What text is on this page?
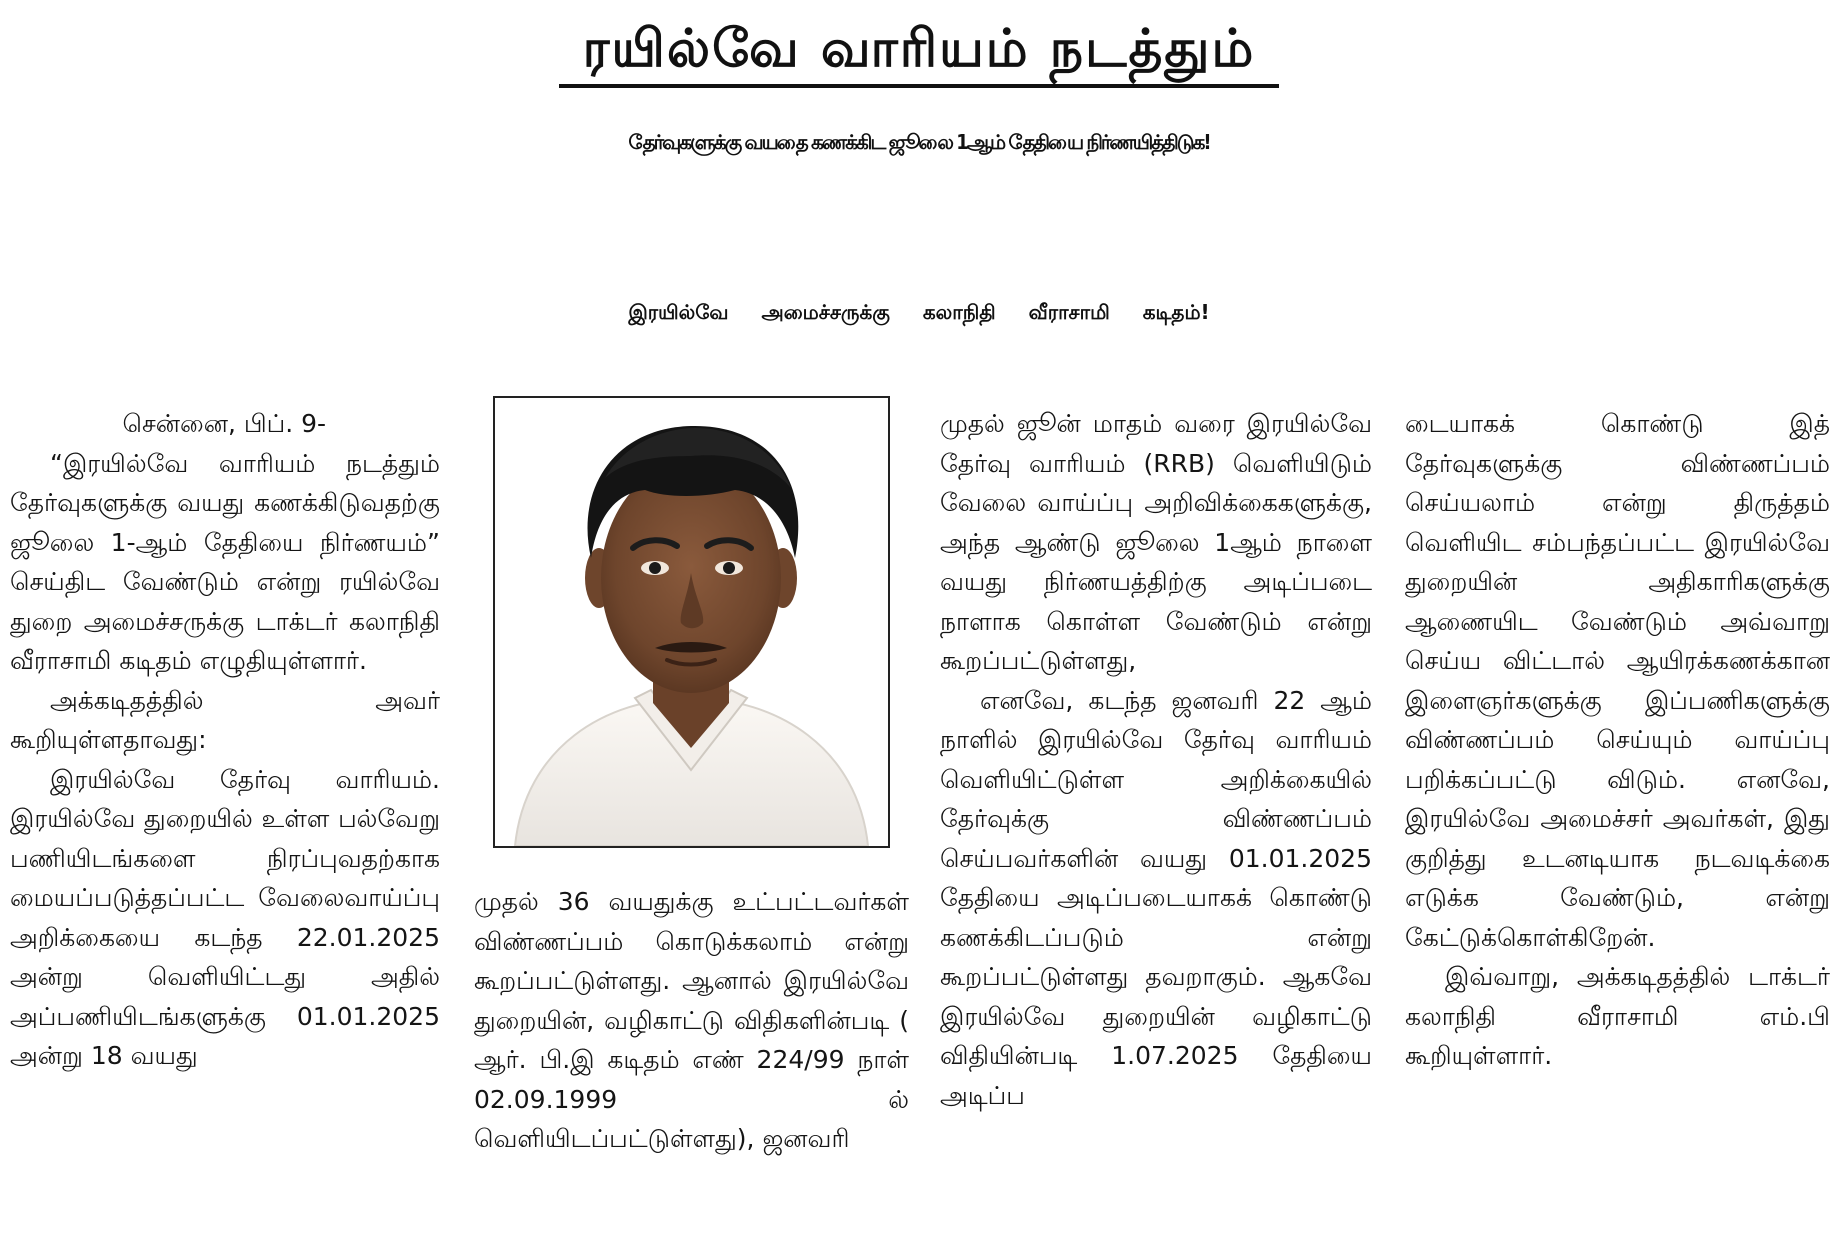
ரயில்வே வாரியம் நடத்தும்
தேர்வுகளுக்கு வயதை கணக்கிட ஜூலை 1ஆம் தேதியை நிர்ணயித்திடுக!
இரயில்வே அமைச்சருக்கு கலாநிதி வீராசாமி கடிதம்!

சென்னை, பிப். 9-

“இரயில்வே வாரியம் நடத்தும் தேர்வுகளுக்கு வயது கணக்கிடுவதற்கு ஜூலை 1-ஆம் தேதியை நிர்ணயம்” செய்திட வேண்டும் என்று ரயில்வே துறை அமைச்சருக்கு டாக்டர் கலாநிதி வீராசாமி கடிதம் எழுதியுள்ளார்.

அக்கடிதத்தில் அவர் கூறியுள்ளதாவது:

இரயில்வே தேர்வு வாரியம். இரயில்வே துறையில் உள்ள பல்வேறு பணியிடங்களை நிரப்புவதற்காக மையப்படுத்தப்பட்ட வேலைவாய்ப்பு அறிக்கையை கடந்த 22.01.2025 அன்று வெளியிட்டது அதில் அப்பணியிடங்களுக்கு 01.01.2025 அன்று 18 வயது

முதல் 36 வயதுக்கு உட்பட்டவர்கள் விண்ணப்பம் கொடுக்கலாம் என்று கூறப்பட்டுள்ளது. ஆனால் இரயில்வே துறையின், வழிகாட்டு விதிகளின்படி ( ஆர். பி.இ கடிதம் எண் 224/99 நாள் 02.09.1999 ல் வெளியிடப்பட்டுள்ளது), ஜனவரி

முதல் ஜூன் மாதம் வரை இரயில்வே தேர்வு வாரியம் (RRB) வெளியிடும் வேலை வாய்ப்பு அறிவிக்கைகளுக்கு, அந்த ஆண்டு ஜூலை 1ஆம் நாளை வயது நிர்ணயத்திற்கு அடிப்படை நாளாக கொள்ள வேண்டும் என்று கூறப்பட்டுள்ளது,

எனவே, கடந்த ஜனவரி 22 ஆம் நாளில் இரயில்வே தேர்வு வாரியம் வெளியிட்டுள்ள அறிக்கையில் தேர்வுக்கு விண்ணப்பம் செய்பவர்களின் வயது 01.01.2025 தேதியை அடிப்படையாகக் கொண்டு கணக்கிடப்படும் என்று கூறப்பட்டுள்ளது தவறாகும். ஆகவே இரயில்வே துறையின் வழிகாட்டு விதியின்படி 1.07.2025 தேதியை அடிப்ப

டையாகக் கொண்டு இத் தேர்வுகளுக்கு விண்ணப்பம் செய்யலாம் என்று திருத்தம் வெளியிட சம்பந்தப்பட்ட இரயில்வே துறையின் அதிகாரிகளுக்கு ஆணையிட வேண்டும் அவ்வாறு செய்ய விட்டால் ஆயிரக்கணக்கான இளைஞர்களுக்கு இப்பணிகளுக்கு விண்ணப்பம் செய்யும் வாய்ப்பு பறிக்கப்பட்டு விடும். எனவே, இரயில்வே அமைச்சர் அவர்கள், இது குறித்து உடனடியாக நடவடிக்கை எடுக்க வேண்டும், என்று கேட்டுக்கொள்கிறேன்.

இவ்வாறு, அக்கடிதத்தில் டாக்டர் கலாநிதி வீராசாமி எம்.பி கூறியுள்ளார்.
